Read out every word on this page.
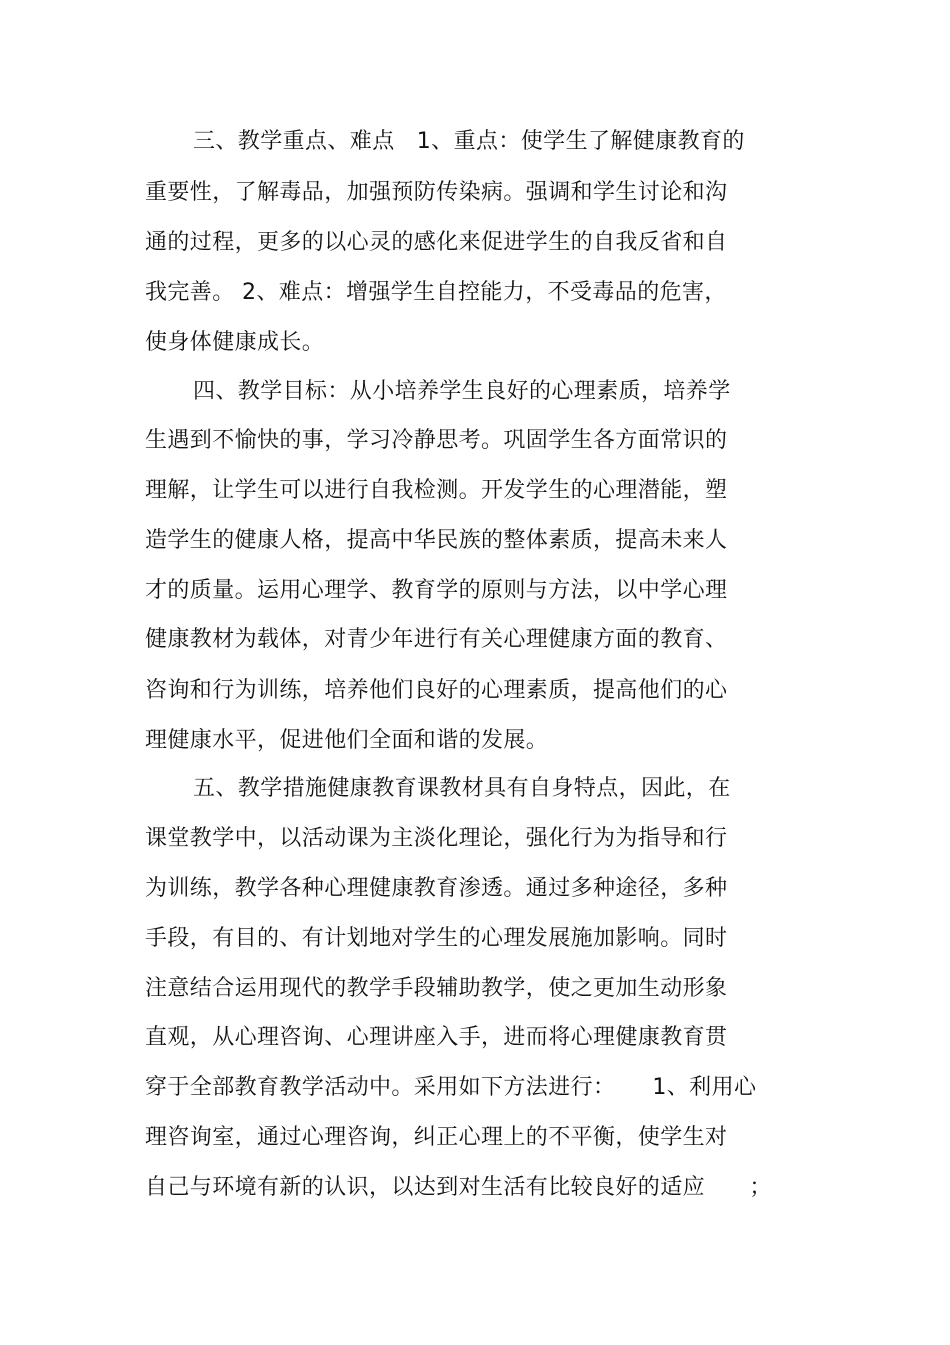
三、教学重点、难点   1、重点：使学生了解健康教育的
重要性，了解毒品，加强预防传染病。强调和学生讨论和沟
通的过程，更多的以心灵的感化来促进学生的自我反省和自
我完善。 2、难点：增强学生自控能力，不受毒品的危害，
使身体健康成长。
四、教学目标：从小培养学生良好的心理素质，培养学
生遇到不愉快的事，学习冷静思考。巩固学生各方面常识的
理解，让学生可以进行自我检测。开发学生的心理潜能，塑
造学生的健康人格，提高中华民族的整体素质，提高未来人
才的质量。运用心理学、教育学的原则与方法，以中学心理
健康教材为载体，对青少年进行有关心理健康方面的教育、
咨询和行为训练，培养他们良好的心理素质，提高他们的心
理健康水平，促进他们全面和谐的发展。
五、教学措施健康教育课教材具有自身特点，因此，在
课堂教学中，以活动课为主淡化理论，强化行为为指导和行
为训练，教学各种心理健康教育渗透。通过多种途径，多种
手段，有目的、有计划地对学生的心理发展施加影响。同时
注意结合运用现代的教学手段辅助教学，使之更加生动形象
直观，从心理咨询、心理讲座入手，进而将心理健康教育贯
穿于全部教育教学活动中。采用如下方法进行：     1、利用心
理咨询室，通过心理咨询，纠正心理上的不平衡，使学生对
自己与环境有新的认识，以达到对生活有比较良好的适应      ；
